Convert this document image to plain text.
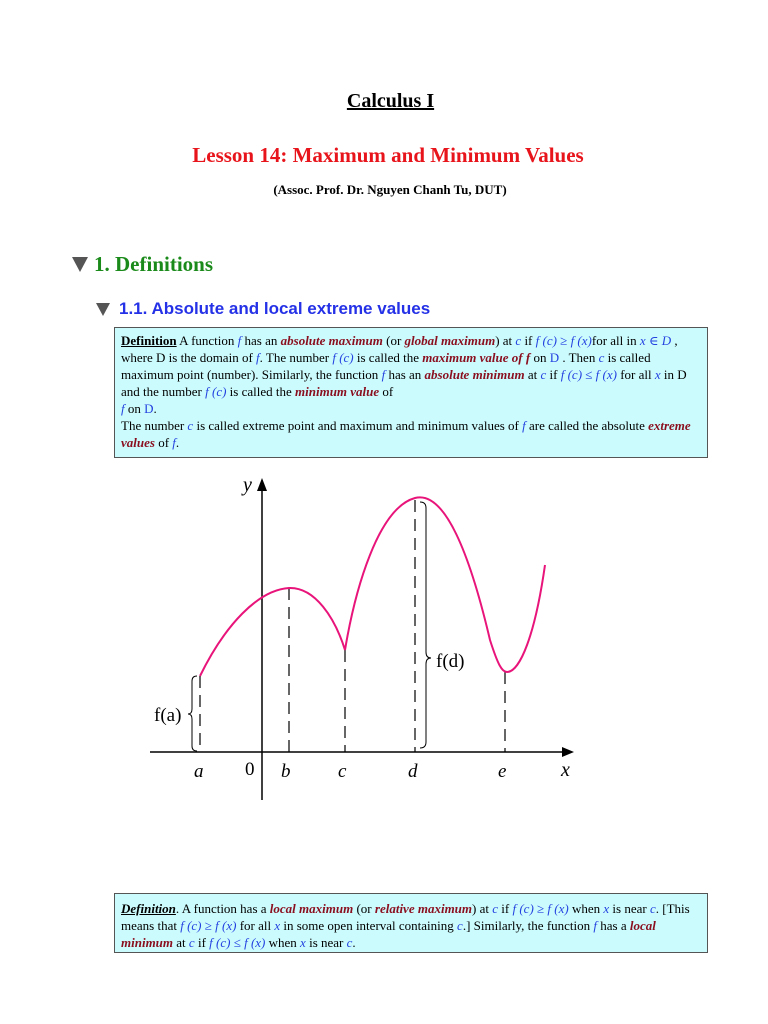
Calculus I
Lesson 14: Maximum and Minimum Values
(Assoc. Prof. Dr. Nguyen Chanh Tu, DUT)
1. Definitions
1.1. Absolute and local extreme values
Definition A function f has an absolute maximum (or global maximum) at c if f (c) ≥ f (x)for all in x ∈ D , where D is the domain of f. The number f (c) is called the maximum value of f on D . Then c is called maximum point (number). Similarly, the function f has an absolute minimum at c if f (c) ≤ f (x) for all x in D and the number f (c) is called the minimum value of
f on D.
The number c is called extreme point and maximum and minimum values of f are called the absolute extreme values of f.
y
x
0
a	b	c	d	e
f(a)
f(d)
Definition. A function has a local maximum (or relative maximum) at c if f (c) ≥ f (x) when x is near c. [This means that f (c) ≥ f (x) for all x in some open interval containing c.] Similarly, the function f has a local minimum at c if f (c) ≤ f (x) when x is near c.
